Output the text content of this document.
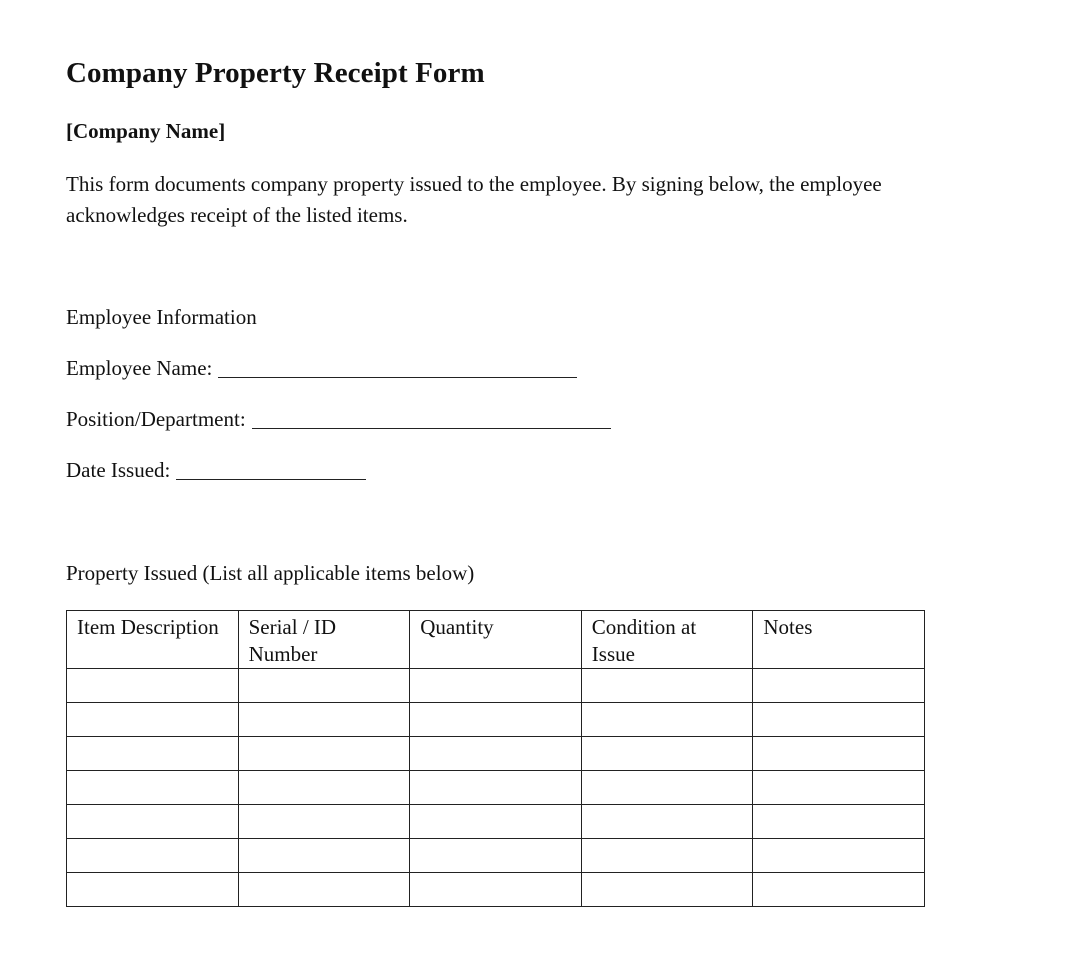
Company Property Receipt Form

[Company Name]

This form documents company property issued to the employee. By signing below, the employee acknowledges receipt of the listed items.

Employee Information

Employee Name:
Position/Department:
Date Issued:

Property Issued (List all applicable items below)

Item Description	Serial / ID Number	Quantity	Condition at Issue	Notes
